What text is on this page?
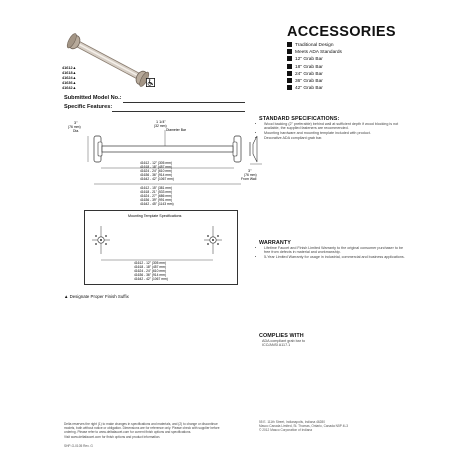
41612▲
41618▲
41624▲
41636▲
41642▲
ACCESSORIES
Traditional Design
Meets ADA Standards
12" Grab Bar
18" Grab Bar
24" Grab Bar
36" Grab Bar
42" Grab Bar
Submitted Model No.:
Specific Features:
3"
(76 mm)
Dia.
1 1/4"
(32 mm)
Diameter Bar
3"
(76 mm)
From Wall
41612 - 12" (305 mm)
41618 - 18" (457 mm)
41624 - 24" (610 mm)
41636 - 36" (914 mm)
41642 - 42" (1067 mm)
41612 - 15" (381 mm)
41618 - 21" (533 mm)
41624 - 27" (686 mm)
41636 - 39" (991 mm)
41642 - 45" (1143 mm)
Mounting Template Specifications
41612 - 12" (305 mm)
41618 - 18" (457 mm)
41624 - 24" (610 mm)
41636 - 36" (914 mm)
41642 - 42" (1067 mm)
▲ Designate Proper Finish Suffix
STANDARD SPECIFICATIONS:
• Wood backing (2" preferable) behind wall at sufficient depth if wood blocking is not available, the supplied fasteners are recommended.
• Mounting hardware and mounting template included with product.
• Decorative ADA compliant grab bar.
WARRANTY
• Lifetime Faucet and Finish Limited Warranty to the original consumer purchaser to be free from defects in material and workmanship.
• 5-Year Limited Warranty for usage in industrial, commercial and business applications.
COMPLIES WITH
ADA compliant grab bar to
ICC/ANSI A117.1
Delta reserves the right (1) to make changes in specifications and materials, and (2) to change or discontinue
models, both without notice or obligation. Dimensions are for reference only. Please check with supplier before
ordering. Please refer to www.deltafaucet.com for current finish options and specifications.
Visit www.deltafaucet.com for finish options and product information.
SHP-G-0105 Rev. G
55 E. 111th Street, Indianapolis, Indiana 46280
Masco Canada Limited, St. Thomas, Ontario, Canada N5P 4L3
© 2012 Masco Corporation of Indiana
